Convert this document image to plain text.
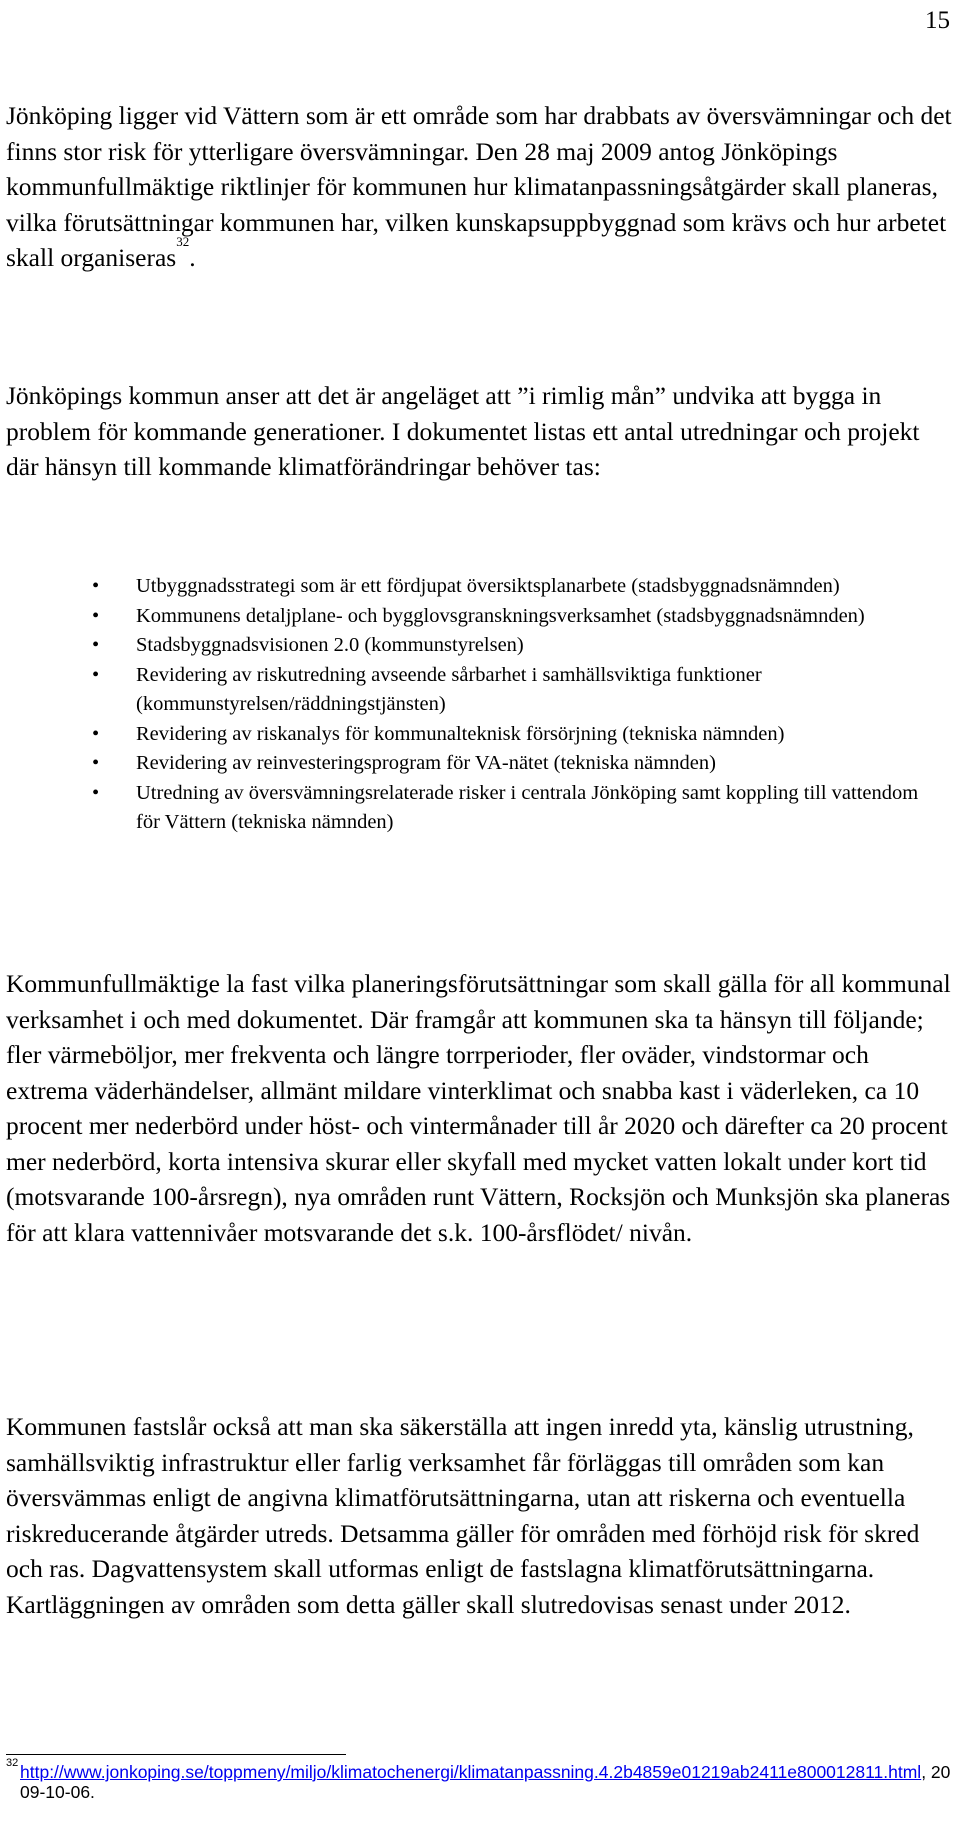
15

Jönköping ligger vid Vättern som är ett område som har drabbats av översvämningar och det finns stor risk för ytterligare översvämningar. Den 28 maj 2009 antog Jönköpings kommunfullmäktige riktlinjer för kommunen hur klimatanpassningsåtgärder skall planeras, vilka förutsättningar kommunen har, vilken kunskapsuppbyggnad som krävs och hur arbetet skall organiseras$^{32}$.

Jönköpings kommun anser att det är angeläget att ”i rimlig mån” undvika att bygga in problem för kommande generationer. I dokumentet listas ett antal utredningar och projekt där hänsyn till kommande klimatförändringar behöver tas:

• Utbyggnadsstrategi som är ett fördjupat översiktsplanarbete (stadsbyggnadsnämnden)
• Kommunens detaljplane- och bygglovsgranskningsverksamhet (stadsbyggnadsnämnden)
• Stadsbyggnadsvisionen 2.0 (kommunstyrelsen)
• Revidering av riskutredning avseende sårbarhet i samhällsviktiga funktioner (kommunstyrelsen/räddningstjänsten)
• Revidering av riskanalys för kommunalteknisk försörjning (tekniska nämnden)
• Revidering av reinvesteringsprogram för VA-nätet (tekniska nämnden)
• Utredning av översvämningsrelaterade risker i centrala Jönköping samt koppling till vattendom för Vättern (tekniska nämnden)

Kommunfullmäktige la fast vilka planeringsförutsättningar som skall gälla för all kommunal verksamhet i och med dokumentet. Där framgår att kommunen ska ta hänsyn till följande; fler värmeböljor, mer frekventa och längre torrperioder, fler oväder, vindstormar och extrema väderhändelser, allmänt mildare vinterklimat och snabba kast i väderleken, ca 10 procent mer nederbörd under höst- och vintermånader till år 2020 och därefter ca 20 procent mer nederbörd, korta intensiva skurar eller skyfall med mycket vatten lokalt under kort tid (motsvarande 100-årsregn), nya områden runt Vättern, Rocksjön och Munksjön ska planeras för att klara vattennivåer motsvarande det s.k. 100-årsflödet/ nivån.

Kommunen fastslår också att man ska säkerställa att ingen inredd yta, känslig utrustning, samhällsviktig infrastruktur eller farlig verksamhet får förläggas till områden som kan översvämmas enligt de angivna klimatförutsättningarna, utan att riskerna och eventuella riskreducerande åtgärder utreds. Detsamma gäller för områden med förhöjd risk för skred och ras. Dagvattensystem skall utformas enligt de fastslagna klimatförutsättningarna. Kartläggningen av områden som detta gäller skall slutredovisas senast under 2012.

32 http://www.jonkoping.se/toppmeny/miljo/klimatochenergi/klimatanpassning.4.2b4859e01219ab2411e800012811.html, 2009-10-06.
